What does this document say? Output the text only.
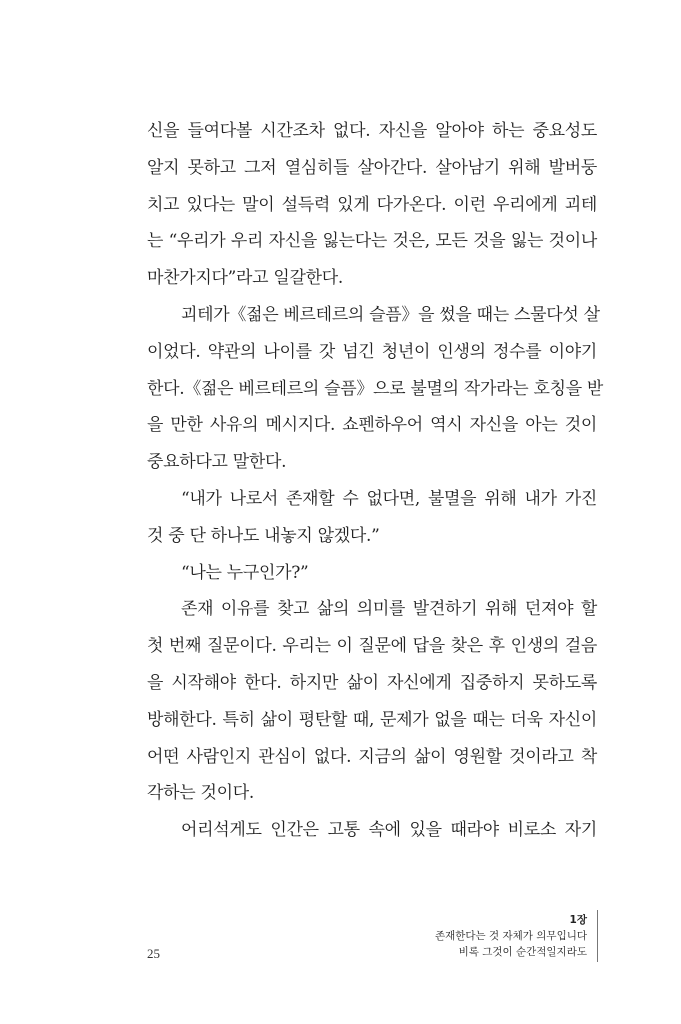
신을 들여다볼 시간조차 없다. 자신을 알아야 하는 중요성도
알지 못하고 그저 열심히들 살아간다. 살아남기 위해 발버둥
치고 있다는 말이 설득력 있게 다가온다. 이런 우리에게 괴테
는 “우리가 우리 자신을 잃는다는 것은, 모든 것을 잃는 것이나
마찬가지다”라고 일갈한다.
괴테가《젊은 베르테르의 슬픔》을 썼을 때는 스물다섯 살
이었다. 약관의 나이를 갓 넘긴 청년이 인생의 정수를 이야기
한다.《젊은 베르테르의 슬픔》으로 불멸의 작가라는 호칭을 받
을 만한 사유의 메시지다. 쇼펜하우어 역시 자신을 아는 것이
중요하다고 말한다.
“내가 나로서 존재할 수 없다면, 불멸을 위해 내가 가진
것 중 단 하나도 내놓지 않겠다.”
“나는 누구인가?”
존재 이유를 찾고 삶의 의미를 발견하기 위해 던져야 할
첫 번째 질문이다. 우리는 이 질문에 답을 찾은 후 인생의 걸음
을 시작해야 한다. 하지만 삶이 자신에게 집중하지 못하도록
방해한다. 특히 삶이 평탄할 때, 문제가 없을 때는 더욱 자신이
어떤 사람인지 관심이 없다. 지금의 삶이 영원할 것이라고 착
각하는 것이다.
어리석게도 인간은 고통 속에 있을 때라야 비로소 자기
25
1장
존재한다는 것 자체가 의무입니다
비록 그것이 순간적일지라도
